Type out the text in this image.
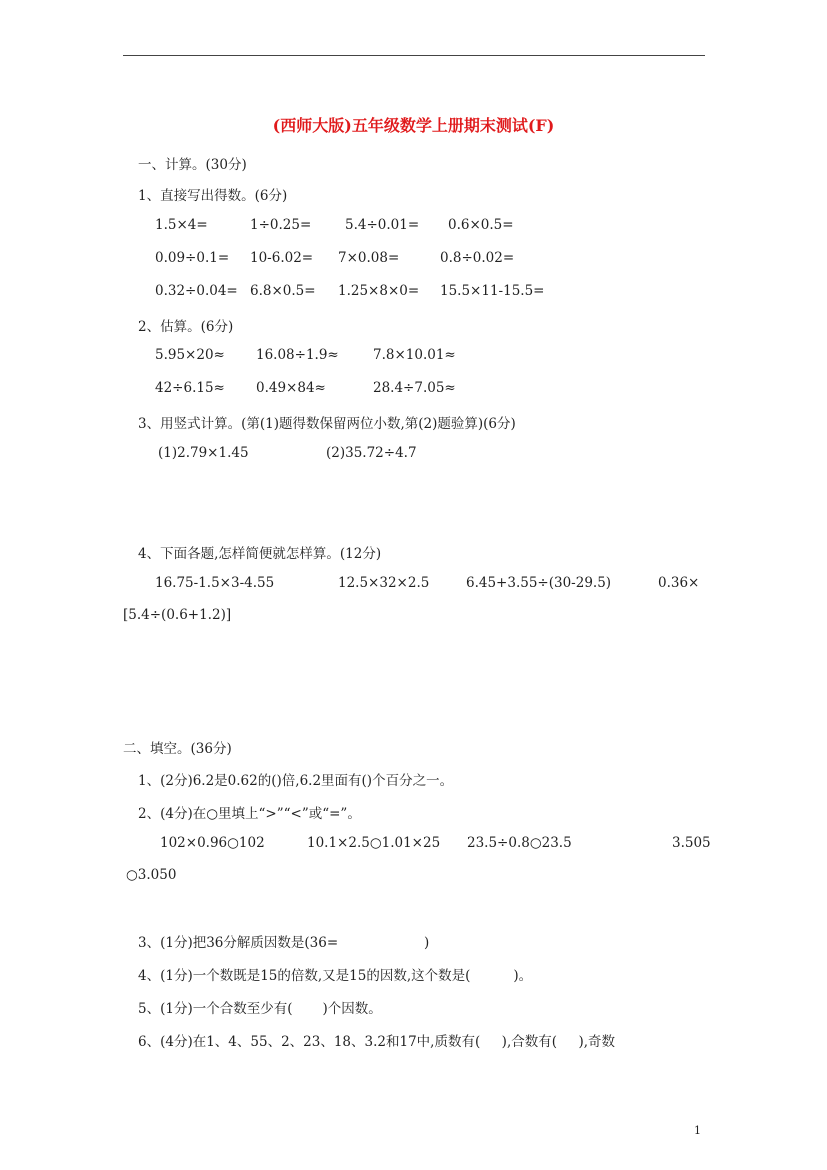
(西师大版)五年级数学上册期末测试(F)
一、计算。(30分)
1、直接写出得数。(6分)
1.5×4=	1÷0.25= 5.4÷0.01= 0.6×0.5=
0.09÷0.1= 10-6.02= 7×0.08=	0.8÷0.02=
0.32÷0.04= 6.8×0.5= 1.25×8×0= 15.5×11-15.5=
2、估算。(6分)
5.95×20≈ 16.08÷1.9≈	7.8×10.01≈
42÷6.15≈ 0.49×84≈	28.4÷7.05≈
3、用竖式计算。(第(1)题得数保留两位小数,第(2)题验算)(6分)
(1)2.79×1.45	(2)35.72÷4.7
4、下面各题,怎样简便就怎样算。(12分)
16.75-1.5×3-4.55	12.5×32×2.5	6.45+3.55÷(30-29.5)	0.36×
[5.4÷(0.6+1.2)]
二、填空。(36分)
1、(2分)6.2是0.62的()倍,6.2里面有()个百分之一。
2、(4分)在○里填上“>”“<”或“=”。
102×0.96○102	10.1×2.5○1.01×25 23.5÷0.8○23.5	3.505
○3.050
3、(1分)把36分解质因数是(36=                    )
4、(1分)一个数既是15的倍数,又是15的因数,这个数是(          )。
5、(1分)一个合数至少有(       )个因数。
6、(4分)在1、4、55、2、23、18、3.2和17中,质数有(     ),合数有(     ),奇数
1
